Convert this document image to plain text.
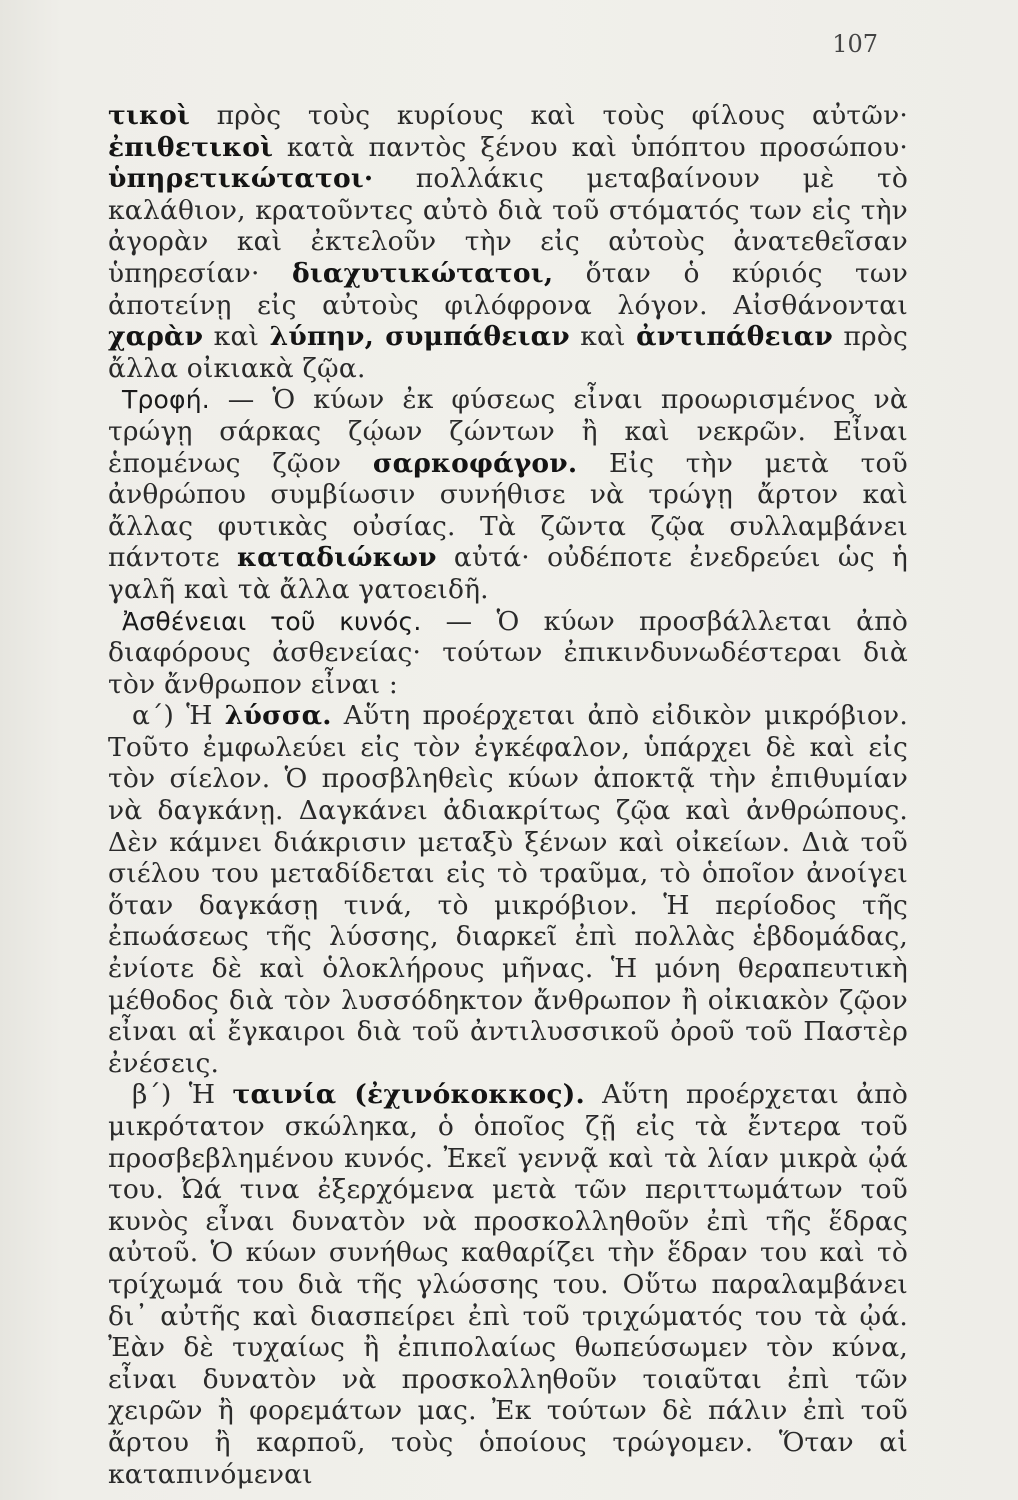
107

τικοὶ πρὸς τοὺς κυρίους καὶ τοὺς φίλους αὐτῶν· ἐπιθετικοὶ κατὰ παντὸς ξένου καὶ ὑπόπτου προσώπου· ὑπηρετικώτατοι· πολλάκις μεταβαίνουν μὲ τὸ καλάθιον, κρατοῦντες αὐτὸ διὰ τοῦ στόματός των εἰς τὴν ἀγορὰν καὶ ἐκτελοῦν τὴν εἰς αὐτοὺς ἀνατεθεῖσαν ὑπηρεσίαν· διαχυτικώτατοι, ὅταν ὁ κύριός των ἀποτείνῃ εἰς αὐτοὺς φιλόφρονα λόγον. Αἰσθάνονται χαρὰν καὶ λύπην, συμπάθειαν καὶ ἀντιπάθειαν πρὸς ἄλλα οἰκιακὰ ζῷα.

Τροφή. — Ὁ κύων ἐκ φύσεως εἶναι προωρισμένος νὰ τρώγῃ σάρκας ζῴων ζώντων ἢ καὶ νεκρῶν. Εἶναι ἑπομένως ζῷον σαρκοφάγον. Εἰς τὴν μετὰ τοῦ ἀνθρώπου συμβίωσιν συνήθισε νὰ τρώγῃ ἄρτον καὶ ἄλλας φυτικὰς οὐσίας. Τὰ ζῶντα ζῷα συλλαμβάνει πάντοτε καταδιώκων αὐτά· οὐδέποτε ἐνεδρεύει ὡς ἡ γαλῆ καὶ τὰ ἄλλα γατοειδῆ.

Ἀσθένειαι τοῦ κυνός. — Ὁ κύων προσβάλλεται ἀπὸ διαφόρους ἀσθενείας· τούτων ἐπικινδυνωδέστεραι διὰ τὸν ἄνθρωπον εἶναι :

α΄) Ἡ λύσσα. Αὕτη προέρχεται ἀπὸ εἰδικὸν μικρόβιον. Τοῦτο ἐμφωλεύει εἰς τὸν ἐγκέφαλον, ὑπάρχει δὲ καὶ εἰς τὸν σίελον. Ὁ προσβληθεὶς κύων ἀποκτᾷ τὴν ἐπιθυμίαν νὰ δαγκάνῃ. Δαγκάνει ἀδιακρίτως ζῷα καὶ ἀνθρώπους. Δὲν κάμνει διάκρισιν μεταξὺ ξένων καὶ οἰκείων. Διὰ τοῦ σιέλου του μεταδίδεται εἰς τὸ τραῦμα, τὸ ὁποῖον ἀνοίγει ὅταν δαγκάσῃ τινά, τὸ μικρόβιον. Ἡ περίοδος τῆς ἐπωάσεως τῆς λύσσης, διαρκεῖ ἐπὶ πολλὰς ἑβδομάδας, ἐνίοτε δὲ καὶ ὁλοκλήρους μῆνας. Ἡ μόνη θεραπευτικὴ μέθοδος διὰ τὸν λυσσόδηκτον ἄνθρωπον ἢ οἰκιακὸν ζῷον εἶναι αἱ ἔγκαιροι διὰ τοῦ ἀντιλυσσικοῦ ὀροῦ τοῦ Παστὲρ ἐνέσεις.

β΄) Ἡ ταινία (ἐχινόκοκκος). Αὕτη προέρχεται ἀπὸ μικρότατον σκώληκα, ὁ ὁποῖος ζῇ εἰς τὰ ἔντερα τοῦ προσβεβλημένου κυνός. Ἐκεῖ γεννᾷ καὶ τὰ λίαν μικρὰ ᾠά του. Ὠά τινα ἐξερχόμενα μετὰ τῶν περιττωμάτων τοῦ κυνὸς εἶναι δυνατὸν νὰ προσκολληθοῦν ἐπὶ τῆς ἕδρας αὐτοῦ. Ὁ κύων συνήθως καθαρίζει τὴν ἕδραν του καὶ τὸ τρίχωμά του διὰ τῆς γλώσσης του. Οὕτω παραλαμβάνει δι᾽ αὐτῆς καὶ διασπείρει ἐπὶ τοῦ τριχώματός του τὰ ᾠά. Ἐὰν δὲ τυχαίως ἢ ἐπιπολαίως θωπεύσωμεν τὸν κύνα, εἶναι δυνατὸν νὰ προσκολληθοῦν τοιαῦται ἐπὶ τῶν χειρῶν ἢ φορεμάτων μας. Ἐκ τούτων δὲ πάλιν ἐπὶ τοῦ ἄρτου ἢ καρποῦ, τοὺς ὁποίους τρώγομεν. Ὅταν αἱ καταπινόμεναι
